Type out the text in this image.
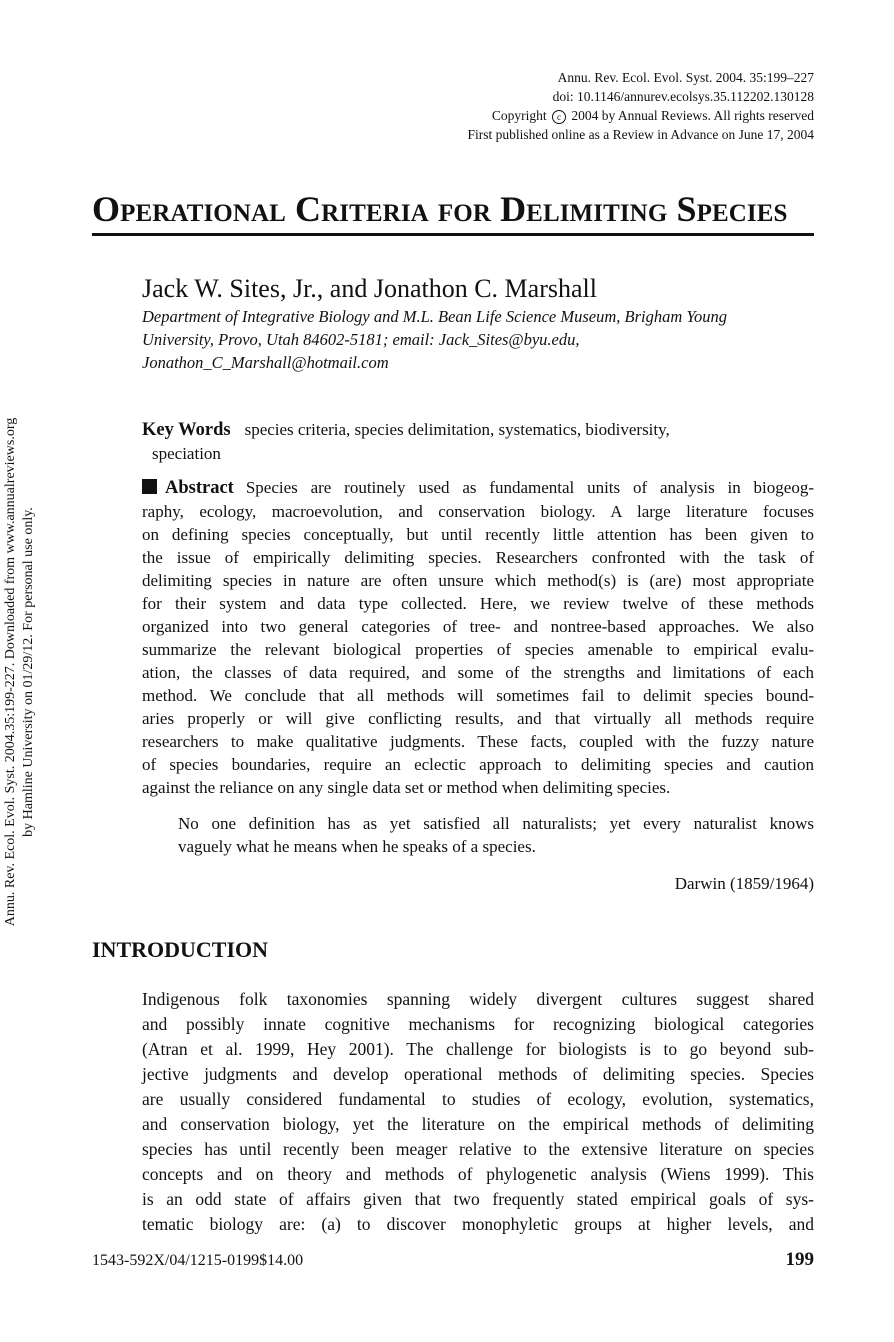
Annu. Rev. Ecol. Evol. Syst. 2004.35:199-227. Downloaded from www.annualreviews.org by Hamline University on 01/29/12. For personal use only.
Annu. Rev. Ecol. Evol. Syst. 2004. 35:199–227
doi: 10.1146/annurev.ecolsys.35.112202.130128
Copyright c 2004 by Annual Reviews. All rights reserved
First published online as a Review in Advance on June 17, 2004
Operational Criteria for Delimiting Species
Jack W. Sites, Jr., and Jonathon C. Marshall
Department of Integrative Biology and M.L. Bean Life Science Museum, Brigham Young
University, Provo, Utah 84602-5181; email: Jack_Sites@byu.edu,
Jonathon_C_Marshall@hotmail.com
Key Words species criteria, species delimitation, systematics, biodiversity,
speciation
Abstract Species are routinely used as fundamental units of analysis in biogeog-
raphy, ecology, macroevolution, and conservation biology. A large literature focuses
on defining species conceptually, but until recently little attention has been given to
the issue of empirically delimiting species. Researchers confronted with the task of
delimiting species in nature are often unsure which method(s) is (are) most appropriate
for their system and data type collected. Here, we review twelve of these methods
organized into two general categories of tree- and nontree-based approaches. We also
summarize the relevant biological properties of species amenable to empirical evalu-
ation, the classes of data required, and some of the strengths and limitations of each
method. We conclude that all methods will sometimes fail to delimit species bound-
aries properly or will give conflicting results, and that virtually all methods require
researchers to make qualitative judgments. These facts, coupled with the fuzzy nature
of species boundaries, require an eclectic approach to delimiting species and caution
against the reliance on any single data set or method when delimiting species.
No one definition has as yet satisfied all naturalists; yet every naturalist knows
vaguely what he means when he speaks of a species.
Darwin (1859/1964)
INTRODUCTION
Indigenous folk taxonomies spanning widely divergent cultures suggest shared
and possibly innate cognitive mechanisms for recognizing biological categories
(Atran et al. 1999, Hey 2001). The challenge for biologists is to go beyond sub-
jective judgments and develop operational methods of delimiting species. Species
are usually considered fundamental to studies of ecology, evolution, systematics,
and conservation biology, yet the literature on the empirical methods of delimiting
species has until recently been meager relative to the extensive literature on species
concepts and on theory and methods of phylogenetic analysis (Wiens 1999). This
is an odd state of affairs given that two frequently stated empirical goals of sys-
tematic biology are: (a) to discover monophyletic groups at higher levels, and
1543-592X/04/1215-0199$14.00	199
